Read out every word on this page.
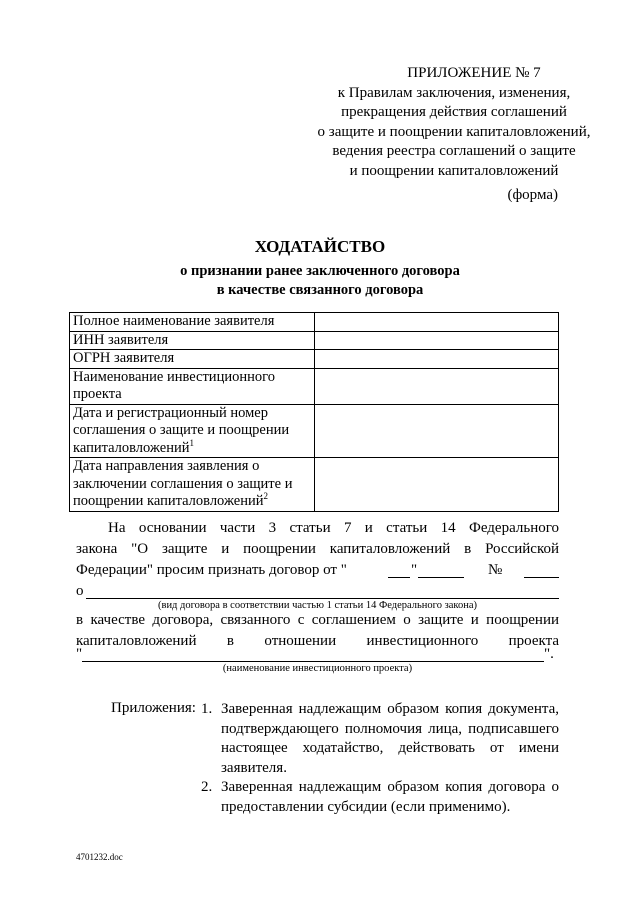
ПРИЛОЖЕНИЕ № 7
к Правилам заключения, изменения,
прекращения действия соглашений
о защите и поощрении капиталовложений,
ведения реестра соглашений о защите
и поощрении капиталовложений
(форма)
ХОДАТАЙСТВО
о признании ранее заключенного договора
в качестве связанного договора
Полное наименование заявителя	
ИНН заявителя	
ОГРН заявителя	
Наименование инвестиционного проекта	
Дата и регистрационный номер соглашения о защите и поощрении капиталовложений$^1$	
Дата направления заявления о заключении соглашения о защите и поощрении капиталовложений$^2$	
На основании части 3 статьи 7 и статьи 14 Федерального
закона "О защите и поощрении капиталовложений в Российской
Федерации" просим признать договор от "	"	№
о
(вид договора в соответствии частью 1 статьи 14 Федерального закона)
в качестве договора, связанного с соглашением о защите и поощрении
капиталовложений в отношении инвестиционного проекта
"	".
(наименование инвестиционного проекта)
Приложения: 1. Заверенная надлежащим образом копия документа, подтверждающего полномочия лица, подписавшего настоящее ходатайство, действовать от имени заявителя.
2. Заверенная надлежащим образом копия договора о предоставлении субсидии (если применимо).
4701232.doc
